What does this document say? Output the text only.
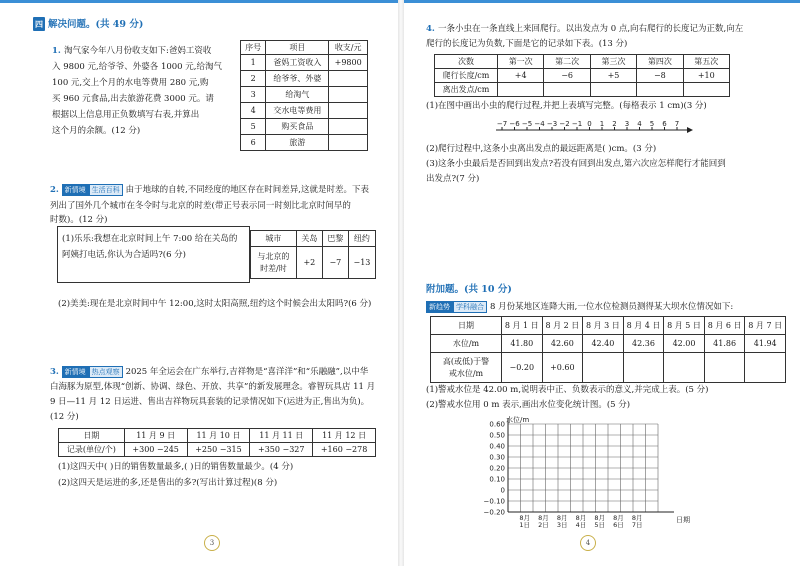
四 解决问题。(共 49 分)
1. 淘气家今年八月份收支如下:爸妈工资收
入 9800 元,给爷爷、外婆各 1000 元,给淘气
100 元,交上个月的水电等费用 280 元,购
买 960 元食品,出去旅游花费 3000 元。请
根据以上信息用正负数填写右表,并算出
这个月的余额。(12 分)
序号	项目	收支/元
1	爸妈工资收入	+9800
2	给爷爷、外婆	
3	给淘气	
4	交水电等费用	
5	购买食品	
6	旅游	
2. 新情境 生活百科 由于地球的自转,不同经度的地区存在时间差异,这就是时差。下表
列出了国外几个城市在冬令时与北京的时差(带正号表示同一时刻比北京时间早的
时数)。(12 分)
(1)乐乐:我想在北京时间上午 7:00 给在关岛的
阿姨打电话,你认为合适吗?(6 分)
城市	关岛	巴黎	纽约

与北京的
时差/时	+2	−7	−13
(2)美美:现在是北京时间中午 12:00,这时太阳高照,纽约这个时候会出太阳吗?(6 分)
3. 新情境 热点观察 2025 年全运会在广东举行,吉祥物是“喜洋洋”和“乐融融”,以中华
白海豚为原型,体现“创新、协调、绿色、开放、共享”的新发展理念。睿智玩具店 11 月
9 日—11 月 12 日运进、售出吉祥物玩具套装的记录情况如下(运进为正,售出为负)。
(12 分)
日期	11 月 9 日	11 月 10 日	11 月 11 日	11 月 12 日
记录(单位/个)	+300 −245	+250 −315	+350 −327	+160 −278
(1)这四天中( )日的销售数量最多,( )日的销售数量最少。(4 分)
(2)这四天是运进的多,还是售出的多?(写出计算过程)(8 分)
3
4. 一条小虫在一条直线上来回爬行。以出发点为 0 点,向右爬行的长度记为正数,向左
爬行的长度记为负数,下面是它的记录如下表。(13 分)
次数	第一次	第二次	第三次	第四次	第五次
爬行长度/cm	+4	−6	+5	−8	+10
离出发点/cm					
(1)在图中画出小虫的爬行过程,并把上表填写完整。(每格表示 1 cm)(3 分)
−7 −6 −5 −4 −3 −2 −1 0 1 2 3 4 5 6 7
(2)爬行过程中,这条小虫离出发点的最远距离是( )cm。(3 分)
(3)这条小虫最后是否回到出发点?若没有回到出发点,第六次应怎样爬行才能回到
出发点?(7 分)
附加题。(共 10 分)
新趋势 学科融合 8 月份某地区连降大雨,一位水位检测员测得某大坝水位情况如下:
日期	8 月 1 日	8 月 2 日	8 月 3 日	8 月 4 日	8 月 5 日	8 月 6 日	8 月 7 日
水位/m	41.80	42.60	42.40	42.36	42.00	41.86	41.94

高(或低)于警
戒水位/m	−0.20	+0.60					
(1)警戒水位是 42.00 m,说明表中正、负数表示的意义,并完成上表。(5 分)
(2)警戒水位用 0 m 表示,画出水位变化统计图。(5 分)
水位/m
0.60
0.50
0.40
0.30
0.20
0.10
0
−0.10
−0.20
8月
1日
8月
2日
8月
3日
8月
4日
8月
5日
8月
6日
8月
7日
日期
4
